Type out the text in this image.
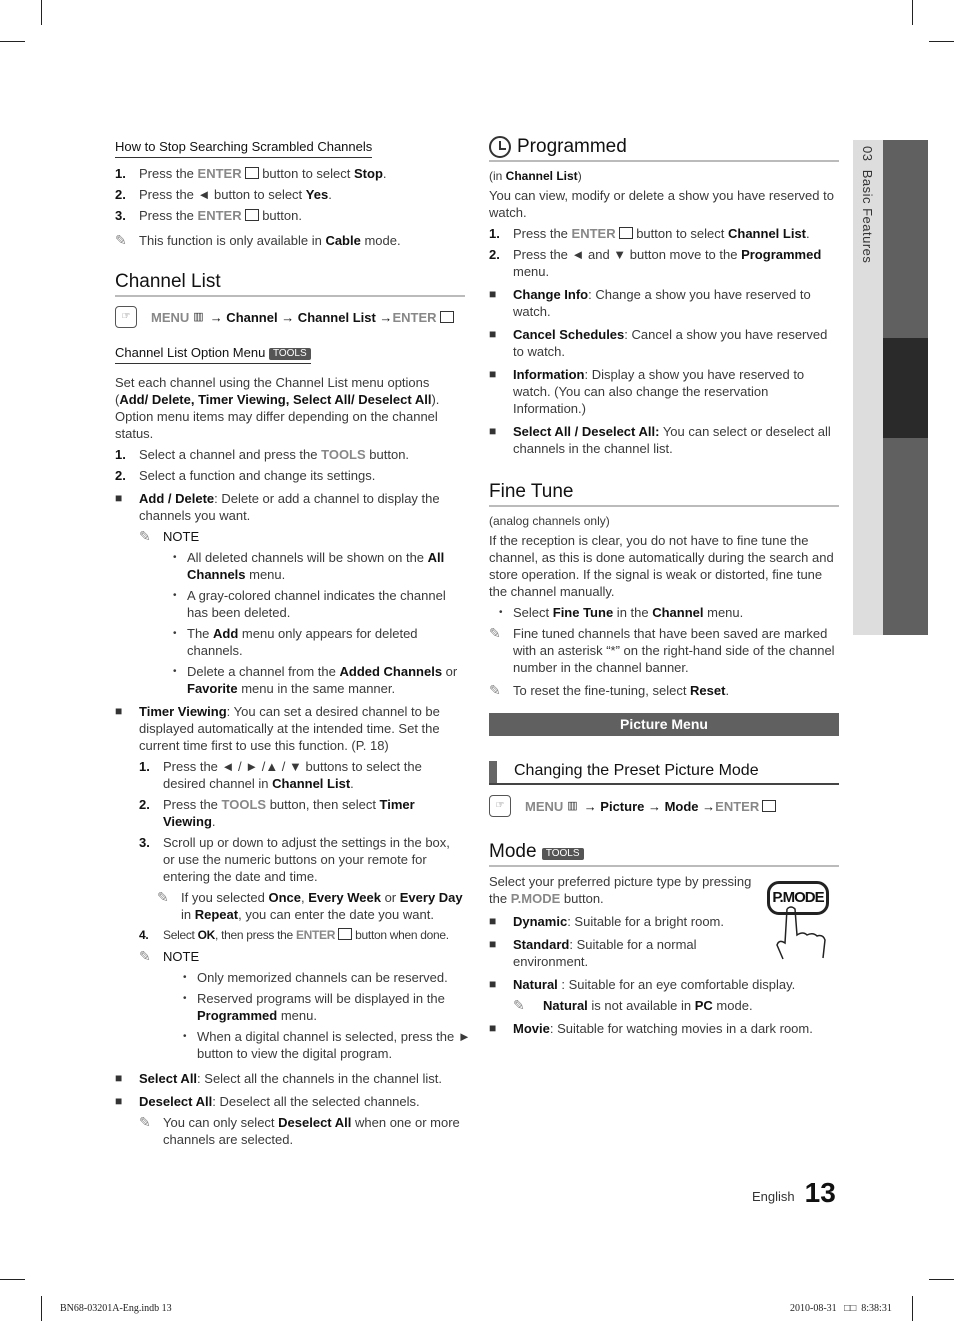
03  Basic Features
How to Stop Searching Scrambled Channels
1.	Press the ENTER button to select Stop.
2.	Press the ◄ button to select Yes.
3.	Press the ENTER button.
✎ This function is only available in Cable mode.
Channel List
☞	MENU ▥ → Channel → Channel List → ENTER
Channel List Option Menu TOOLS
Set each channel using the Channel List menu options (Add/ Delete, Timer Viewing, Select All/ Deselect All). Option menu items may differ depending on the channel status.
1.	Select a channel and press the TOOLS button.
2.	Select a function and change its settings.
■	Add / Delete: Delete or add a channel to display the channels you want.
✎ NOTE
• All deleted channels will be shown on the All Channels menu.
• A gray-colored channel indicates the channel has been deleted.
• The Add menu only appears for deleted channels.
• Delete a channel from the Added Channels or Favorite menu in the same manner.
■	Timer Viewing: You can set a desired channel to be displayed automatically at the intended time. Set the current time first to use this function. (P. 18)
1.	Press the ◄ / ► /▲ / ▼ buttons to select the desired channel in Channel List.
2.	Press the TOOLS button, then select Timer Viewing.
3.	Scroll up or down to adjust the settings in the box, or use the numeric buttons on your remote for entering the date and time.
✎ If you selected Once, Every Week or Every Day in Repeat, you can enter the date you want.
4.	Select OK, then press the ENTER button when done.
✎ NOTE
• Only memorized channels can be reserved.
• Reserved programs will be displayed in the Programmed menu.
• When a digital channel is selected, press the ► button to view the digital program.
■	Select All: Select all the channels in the channel list.
■	Deselect All: Deselect all the selected channels.
✎ You can only select Deselect All when one or more channels are selected.
Programmed
(in Channel List)
You can view, modify or delete a show you have reserved to watch.
1.	Press the ENTER button to select Channel List.
2.	Press the ◄ and ▼ button move to the Programmed menu.
■	Change Info: Change a show you have reserved to watch.
■	Cancel Schedules: Cancel a show you have reserved to watch.
■	Information: Display a show you have reserved to watch. (You can also change the reservation Information.)
■	Select All / Deselect All: You can select or deselect all channels in the channel list.
Fine Tune
(analog channels only)
If the reception is clear, you do not have to fine tune the channel, as this is done automatically during the search and store operation. If the signal is weak or distorted, fine tune the channel manually.
• Select Fine Tune in the Channel menu.
✎ Fine tuned channels that have been saved are marked with an asterisk “*” on the right-hand side of the channel number in the channel banner.
✎ To reset the fine-tuning, select Reset.
Picture Menu
Changing the Preset Picture Mode
☞	MENU ▥ → Picture → Mode → ENTER
Mode TOOLS
Select your preferred picture type by pressing the P.MODE button.	P.MODE
■	Dynamic: Suitable for a bright room.
■	Standard: Suitable for a normal environment.
■	Natural : Suitable for an eye comfortable display.
✎	Natural is not available in PC mode.
■	Movie: Suitable for watching movies in a dark room.
English 13
BN68-03201A-Eng.indb 13	2010-08-31 □□ 8:38:31
